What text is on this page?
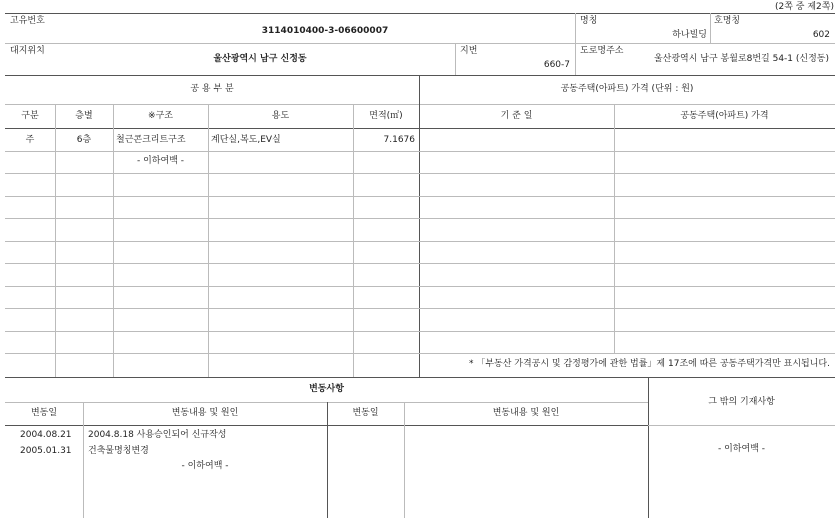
(2쪽 중 제2쪽)
고유번호
3114010400-3-06600007
명칭
하나빌딩
호명칭
602
대지위치
울산광역시 남구 신정동
지번
660-7
도로명주소
울산광역시 남구 봉월로8번길 54-1 (신정동)
공 용 부 분	공동주택(아파트) 가격 (단위 : 원)
구분	층별	※구조	용도	면적(㎡)	기 준 일	공동주택(아파트) 가격
주	6층	철근콘크리트구조	계단실,복도,EV실	7.1676
- 이하여백 -
* 「부동산 가격공시 및 감정평가에 관한 법률」제 17조에 따른 공동주택가격만 표시됩니다.
변동사항
변동일	변동내용 및 원인	변동일	변동내용 및 원인
2004.08.21 2004.8.18 사용승인되어 신규작성
2005.01.31 건축물명칭변경
- 이하여백 -
그 밖의 기재사항
- 이하여백 -
